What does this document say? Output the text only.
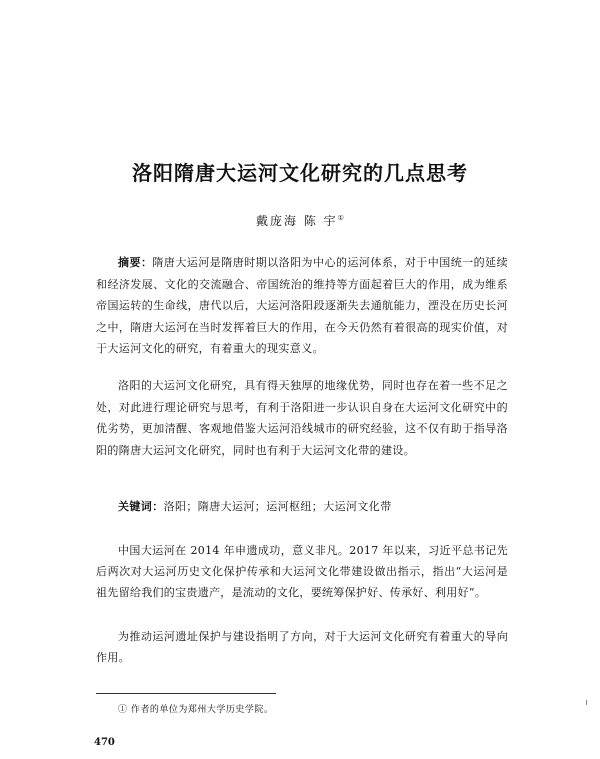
洛阳隋唐大运河文化研究的几点思考
戴庞海 陈 宇①
摘要：隋唐大运河是隋唐时期以洛阳为中心的运河体系，对于中国统一的延续和经济发展、文化的交流融合、帝国统治的维持等方面起着巨大的作用，成为维系帝国运转的生命线，唐代以后，大运河洛阳段逐渐失去通航能力，湮没在历史长河之中，隋唐大运河在当时发挥着巨大的作用，在今天仍然有着很高的现实价值，对于大运河文化的研究，有着重大的现实意义。
洛阳的大运河文化研究，具有得天独厚的地缘优势，同时也存在着一些不足之处，对此进行理论研究与思考，有利于洛阳进一步认识自身在大运河文化研究中的优劣势，更加清醒、客观地借鉴大运河沿线城市的研究经验，这不仅有助于指导洛阳的隋唐大运河文化研究，同时也有利于大运河文化带的建设。
关键词：洛阳；隋唐大运河；运河枢纽；大运河文化带
中国大运河在 2014 年申遗成功，意义非凡。2017 年以来，习近平总书记先后两次对大运河历史文化保护传承和大运河文化带建设做出指示，指出“大运河是祖先留给我们的宝贵遗产，是流动的文化，要统筹保护好、传承好、利用好”。
为推动运河遗址保护与建设指明了方向，对于大运河文化研究有着重大的导向作用。
① 作者的单位为郑州大学历史学院。
470
